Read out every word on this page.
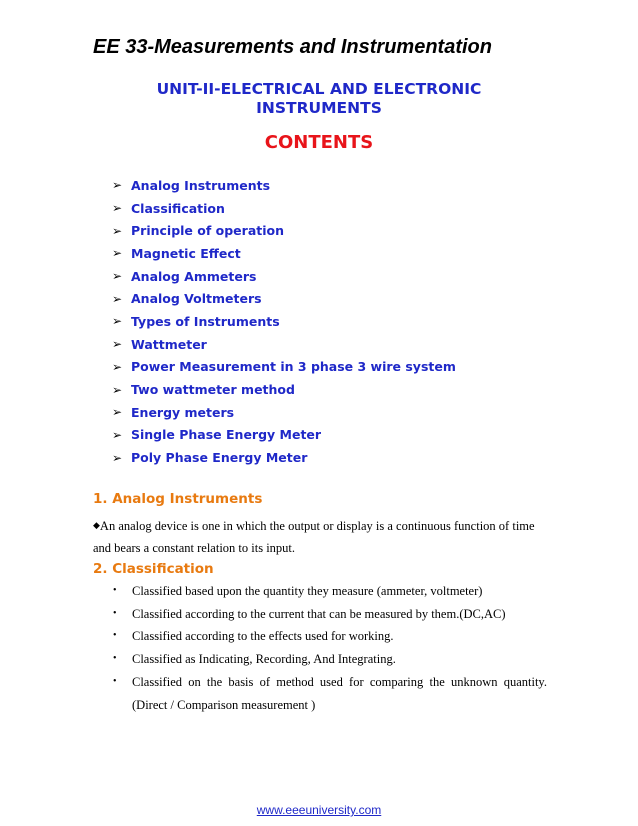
EE 33-Measurements and Instrumentation
UNIT-II-ELECTRICAL AND ELECTRONIC
INSTRUMENTS
CONTENTS
➢ Analog Instruments
➢ Classification
➢ Principle of operation
➢ Magnetic Effect
➢ Analog Ammeters
➢ Analog Voltmeters
➢ Types of Instruments
➢ Wattmeter
➢ Power Measurement in 3 phase 3 wire system
➢ Two wattmeter method
➢ Energy meters
➢ Single Phase Energy Meter
➢ Poly Phase Energy Meter
1. Analog Instruments
◆An analog device is one in which the output or display is a continuous function of time
and bears a constant relation to its input.
2. Classification
• Classified based upon the quantity they measure (ammeter, voltmeter)
• Classified according to the current that can be measured by them.(DC,AC)
• Classified according to the effects used for working.
• Classified as Indicating, Recording, And Integrating.
• Classified on the basis of method used for comparing the unknown quantity. (Direct / Comparison measurement )
www.eeeuniversity.com
